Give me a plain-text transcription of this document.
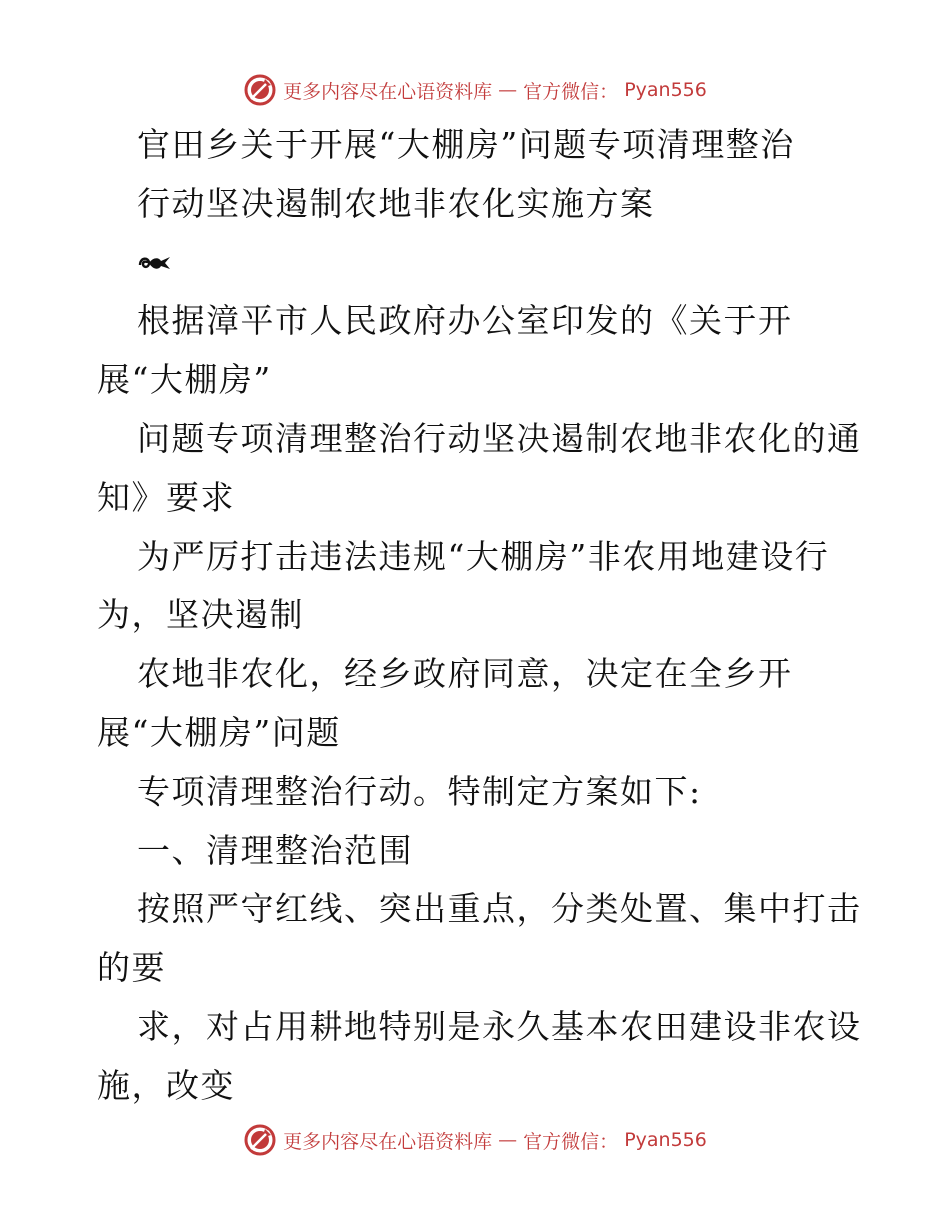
更多内容尽在心语资料库 — 官方微信： Pyan556
官田乡关于开展“大棚房”问题专项清理整治
行动坚决遏制农地非农化实施方案
根据漳平市人民政府办公室印发的《关于开
展“大棚房”
问题专项清理整治行动坚决遏制农地非农化的通
知》要求
为严厉打击违法违规“大棚房”非农用地建设行
为，坚决遏制
农地非农化，经乡政府同意，决定在全乡开
展“大棚房”问题
专项清理整治行动。特制定方案如下:
一、清理整治范围
按照严守红线、突出重点，分类处置、集中打击
的要
求，对占用耕地特别是永久基本农田建设非农设
施，改变
更多内容尽在心语资料库 — 官方微信： Pyan556
